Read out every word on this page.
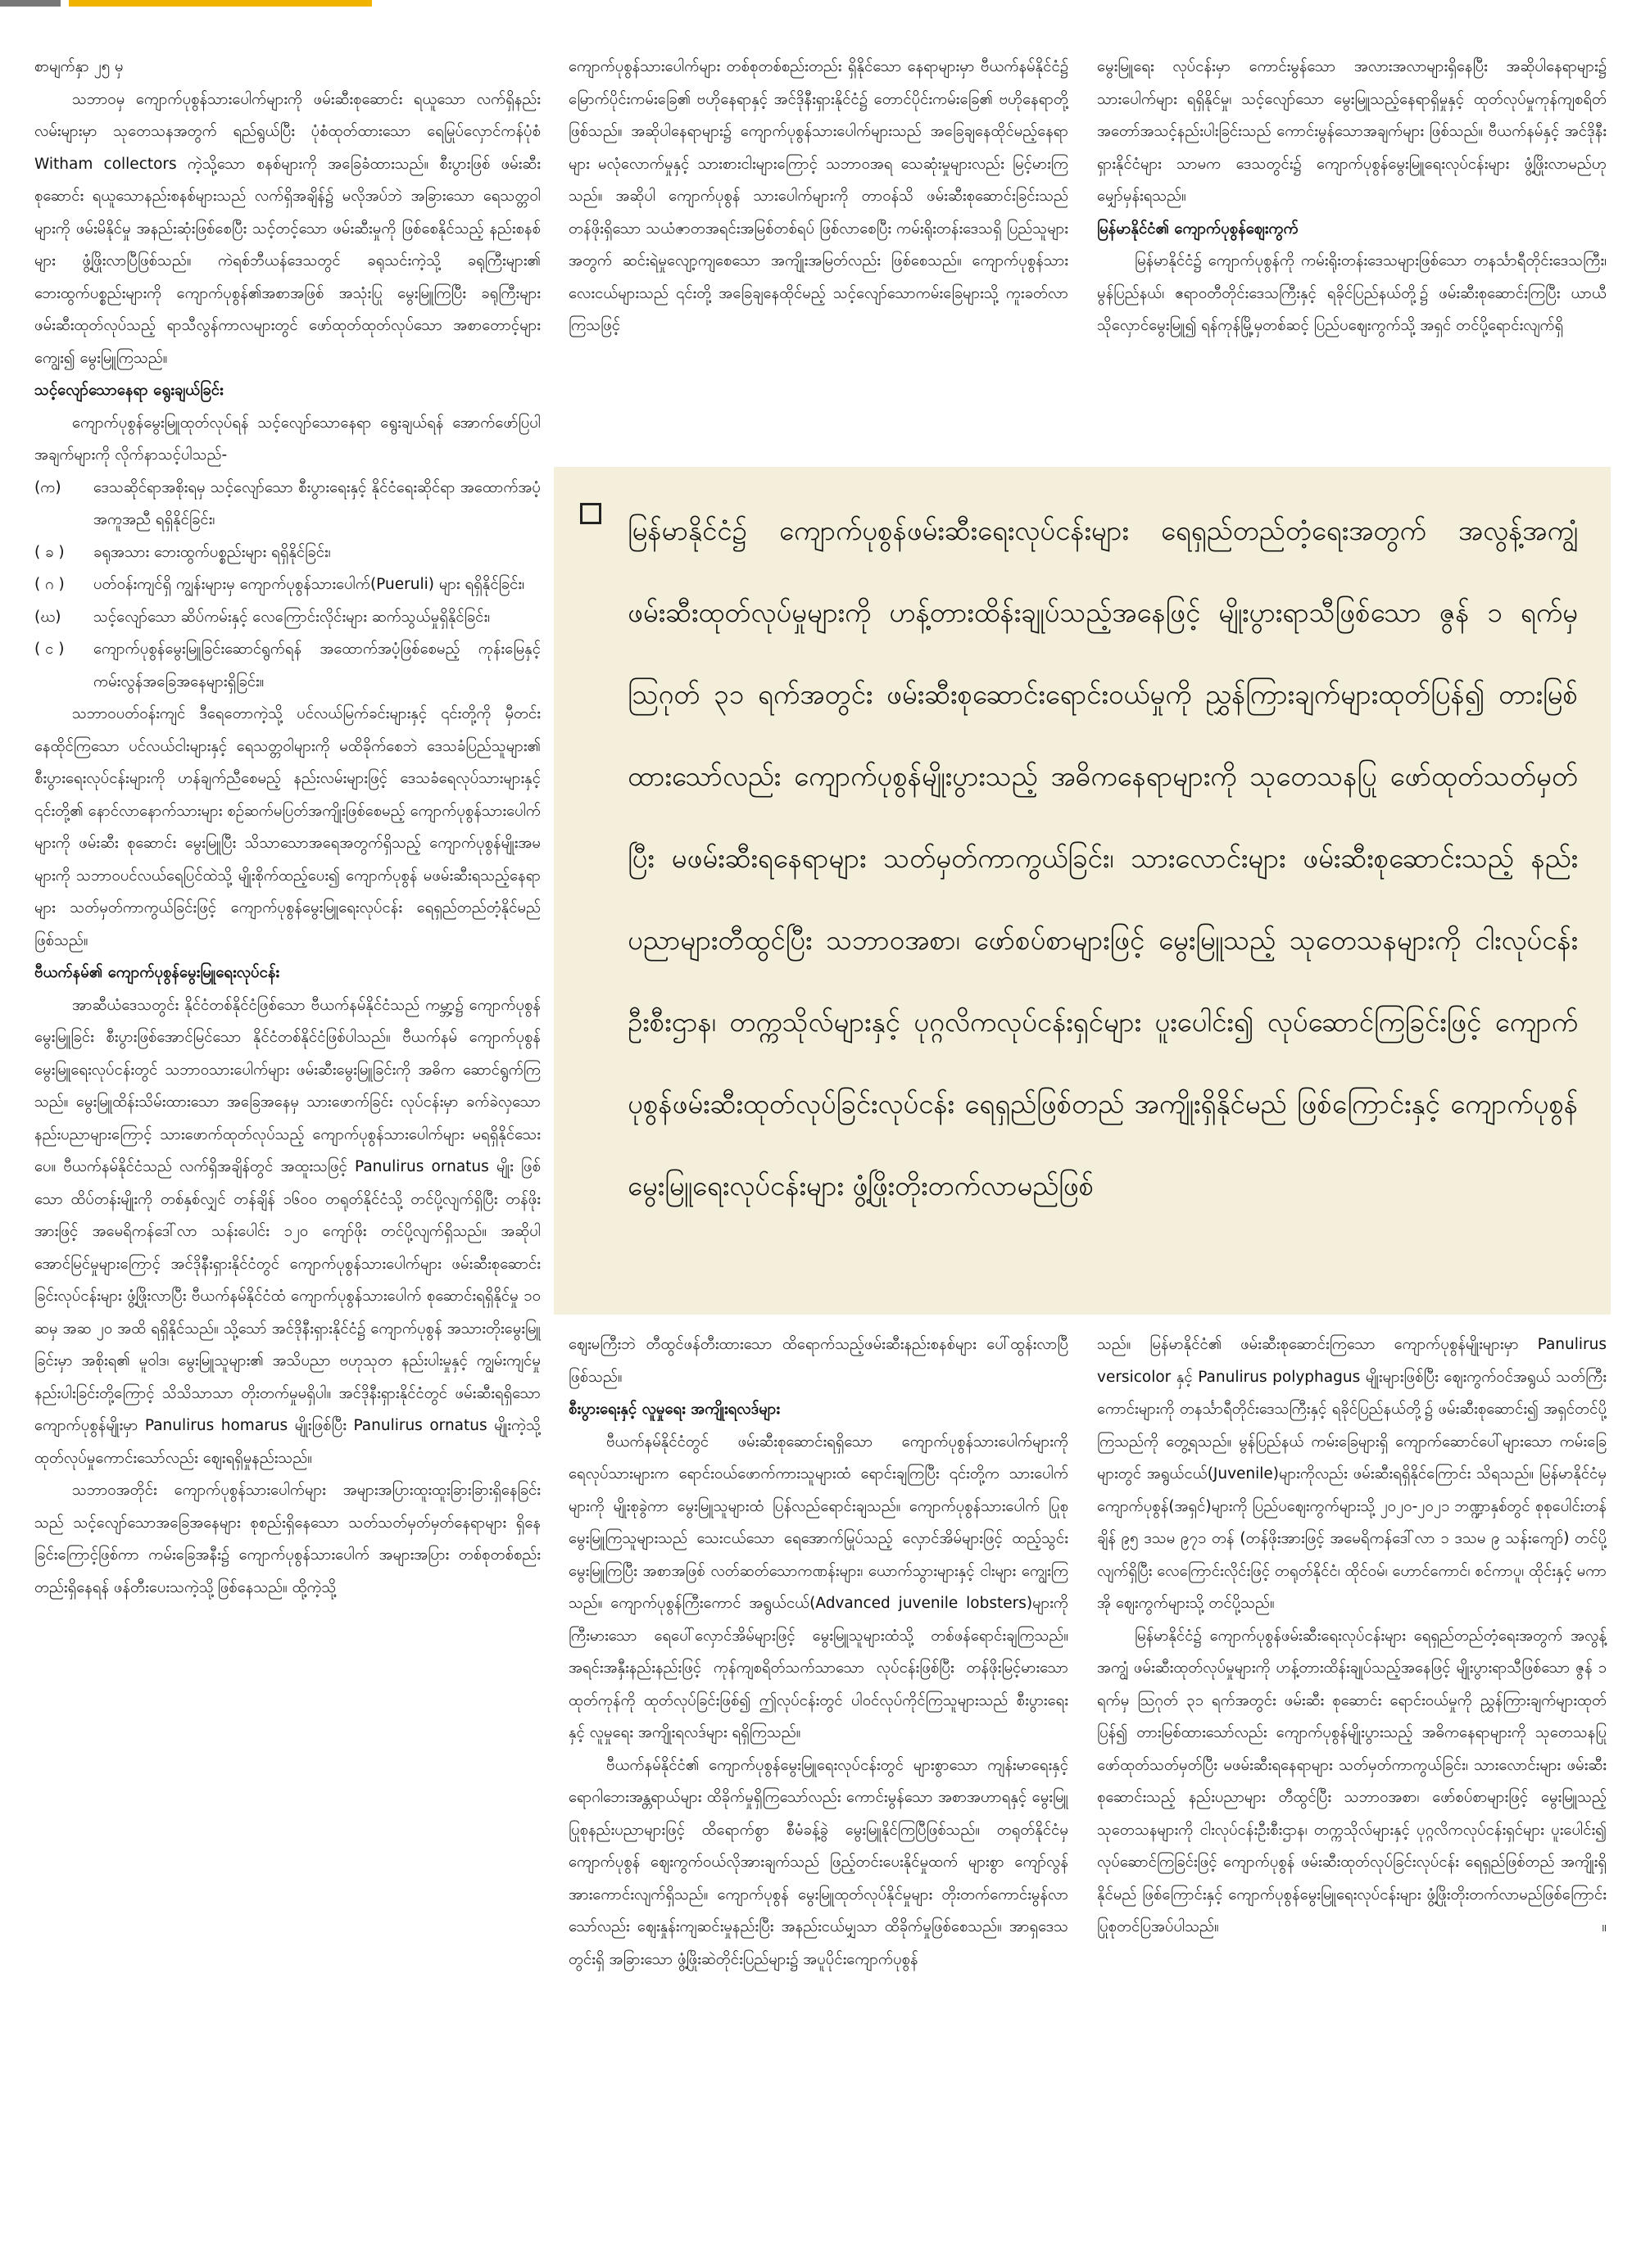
စာမျက်နှာ ၂၅ မှ

သဘာဝမှ ကျောက်ပုစွန်သားပေါက်များကို ဖမ်းဆီးစုဆောင်း ရယူသော လက်ရှိနည်းလမ်းများမှာ သုတေသနအတွက် ရည်ရွယ်ပြီး ပုံစံထုတ်ထားသော ရေမြုပ်လှောင်ကန်ပုံစံ Witham collectors ကဲ့သို့သော စနစ်များကို အခြေခံထားသည်။ စီးပွားဖြစ် ဖမ်းဆီးစုဆောင်း ရယူသောနည်းစနစ်များသည် လက်ရှိအချိန်၌ မလိုအပ်ဘဲ အခြားသော ရေသတ္တဝါများကို ဖမ်းမိနိုင်မှု အနည်းဆုံးဖြစ်စေပြီး သင့်တင့်သော ဖမ်းဆီးမှုကို ဖြစ်စေနိုင်သည့် နည်းစနစ်များ ဖွံ့ဖြိုးလာပြီဖြစ်သည်။ ကဲရစ်ဘီယန်ဒေသတွင် ခရုသင်းကဲ့သို့ ခရုကြီးများ၏ ဘေးထွက်ပစ္စည်းများကို ကျောက်ပုစွန်၏အစာအဖြစ် အသုံးပြု မွေးမြူကြပြီး ခရုကြီးများ ဖမ်းဆီးထုတ်လုပ်သည့် ရာသီလွန်ကာလများတွင် ဖော်ထုတ်ထုတ်လုပ်သော အစာတောင့်များကျွေး၍ မွေးမြူကြသည်။

သင့်လျော်သောနေရာ ရွေးချယ်ခြင်း

ကျောက်ပုစွန်မွေးမြူထုတ်လုပ်ရန် သင့်လျော်သောနေရာ ရွေးချယ်ရန် အောက်ဖော်ပြပါ အချက်များကို လိုက်နာသင့်ပါသည်-

(က)	ဒေသဆိုင်ရာအစိုးရမှ သင့်လျော်သော စီးပွားရေးနှင့် နိုင်ငံရေးဆိုင်ရာ အထောက်အပံ့ အကူအညီ ရရှိနိုင်ခြင်း၊
( ခ )	ခရုအသား ဘေးထွက်ပစ္စည်းများ ရရှိနိုင်ခြင်း၊
( ဂ )	ပတ်ဝန်းကျင်ရှိ ကျွန်းများမှ ကျောက်ပုစွန်သားပေါက်(Pueruli) များ ရရှိနိုင်ခြင်း၊
(ဃ)	သင့်လျော်သော ဆိပ်ကမ်းနှင့် လေကြောင်းလိုင်းများ ဆက်သွယ်မှုရှိနိုင်ခြင်း၊
( င )	ကျောက်ပုစွန်မွေးမြူခြင်းဆောင်ရွက်ရန် အထောက်အပံ့ဖြစ်စေမည့် ကုန်းမြေနှင့် ကမ်းလွန်အခြေအနေများရှိခြင်း။

သဘာဝပတ်ဝန်းကျင် ဒီရေတောကဲ့သို့ ပင်လယ်မြက်ခင်းများနှင့် ၎င်းတို့ကို မှီတင်းနေထိုင်ကြသော ပင်လယ်ငါးများနှင့် ရေသတ္တဝါများကို မထိခိုက်စေဘဲ ဒေသခံပြည်သူများ၏ စီးပွားရေးလုပ်ငန်းများကို ဟန်ချက်ညီစေမည့် နည်းလမ်းများဖြင့် ဒေသခံရေလုပ်သားများနှင့် ၎င်းတို့၏ နောင်လာနောက်သားများ စဉ်ဆက်မပြတ်အကျိုးဖြစ်စေမည့် ကျောက်ပုစွန်သားပေါက်များကို ဖမ်းဆီး စုဆောင်း မွေးမြူပြီး သိသာသောအရေအတွက်ရှိသည့် ကျောက်ပုစွန်မျိုးအမများကို သဘာဝပင်လယ်ရေပြင်ထဲသို့ မျိုးစိုက်ထည့်ပေး၍ ကျောက်ပုစွန် မဖမ်းဆီးရသည့်နေရာများ သတ်မှတ်ကာကွယ်ခြင်းဖြင့် ကျောက်ပုစွန်မွေးမြူရေးလုပ်ငန်း ရေရှည်တည်တံ့နိုင်မည်ဖြစ်သည်။

ဗီယက်နမ်၏ ကျောက်ပုစွန်မွေးမြူရေးလုပ်ငန်း

အာဆီယံဒေသတွင်း နိုင်ငံတစ်နိုင်ငံဖြစ်သော ဗီယက်နမ်နိုင်ငံသည် ကမ္ဘာ့၌ ကျောက်ပုစွန်မွေးမြူခြင်း စီးပွားဖြစ်အောင်မြင်သော နိုင်ငံတစ်နိုင်ငံဖြစ်ပါသည်။ ဗီယက်နမ် ကျောက်ပုစွန်မွေးမြူရေးလုပ်ငန်းတွင် သဘာဝသားပေါက်များ ဖမ်းဆီးမွေးမြူခြင်းကို အဓိက ဆောင်ရွက်ကြသည်။ မွေးမြူထိန်းသိမ်းထားသော အခြေအနေမှ သားဖောက်ခြင်း လုပ်ငန်းမှာ ခက်ခဲလှသော နည်းပညာများကြောင့် သားဖောက်ထုတ်လုပ်သည့် ကျောက်ပုစွန်သားပေါက်များ မရရှိနိုင်သေးပေ။ ဗီယက်နမ်နိုင်ငံသည် လက်ရှိအချိန်တွင် အထူးသဖြင့် Panulirus ornatus မျိုး ဖြစ်သော ထိပ်တန်းမျိုးကို တစ်နှစ်လျှင် တန်ချိန် ၁၆၀၀ တရုတ်နိုင်ငံသို့ တင်ပို့လျက်ရှိပြီး တန်ဖိုးအားဖြင့် အမေရိကန်ဒေါ်လာ သန်းပေါင်း ၁၂၀ ကျော်ဖိုး တင်ပို့လျက်ရှိသည်။ အဆိုပါ အောင်မြင်မှုများကြောင့် အင်ဒိုနီးရှားနိုင်ငံတွင် ကျောက်ပုစွန်သားပေါက်များ ဖမ်းဆီးစုဆောင်းခြင်းလုပ်ငန်းများ ဖွံ့ဖြိုးလာပြီး ဗီယက်နမ်နိုင်ငံထံ ကျောက်ပုစွန်သားပေါက် စုဆောင်းရရှိနိုင်မှု ၁၀ ဆမှ အဆ ၂၀ အထိ ရရှိနိုင်သည်။ သို့သော် အင်ဒိုနီးရှားနိုင်ငံ၌ ကျောက်ပုစွန် အသားတိုးမွေးမြူခြင်းမှာ အစိုးရ၏ မူဝါဒ၊ မွေးမြူသူများ၏ အသိပညာ ဗဟုသုတ နည်းပါးမှုနှင့် ကျွမ်းကျင်မှုနည်းပါးခြင်းတို့ကြောင့် သိသိသာသာ တိုးတက်မှုမရှိပါ။ အင်ဒိုနီးရှားနိုင်ငံတွင် ဖမ်းဆီးရရှိသော ကျောက်ပုစွန်မျိုးမှာ Panulirus homarus မျိုးဖြစ်ပြီး Panulirus ornatus မျိုးကဲ့သို့ ထုတ်လုပ်မှုကောင်းသော်လည်း ဈေးရရှိမှုနည်းသည်။

သဘာဝအတိုင်း ကျောက်ပုစွန်သားပေါက်များ အများအပြားထူးထူးခြားခြားရှိနေခြင်းသည် သင့်လျော်သောအခြေအနေများ စုစည်းရှိနေသော သတ်သတ်မှတ်မှတ်နေရာများ ရှိနေခြင်းကြောင့်ဖြစ်ကာ ကမ်းခြေအနီး၌ ကျောက်ပုစွန်သားပေါက် အများအပြား တစ်စုတစ်စည်းတည်းရှိနေရန် ဖန်တီးပေးသကဲ့သို့ဖြစ်နေသည်။ ထို့ကဲ့သို့

ကျောက်ပုစွန်သားပေါက်များ တစ်စုတစ်စည်းတည်း ရှိနိုင်သော နေရာများမှာ ဗီယက်နမ်နိုင်ငံ၌ မြောက်ပိုင်းကမ်းခြေ၏ ဗဟိုနေရာနှင့် အင်ဒိုနီးရှားနိုင်ငံ၌ တောင်ပိုင်းကမ်းခြေ၏ ဗဟိုနေရာတို့ ဖြစ်သည်။ အဆိုပါနေရာများ၌ ကျောက်ပုစွန်သားပေါက်များသည် အခြေချနေထိုင်မည့်နေရာများ မလုံလောက်မှုနှင့် သားစားငါးများကြောင့် သဘာဝအရ သေဆုံးမှုများလည်း မြင့်မားကြသည်။ အဆိုပါ ကျောက်ပုစွန် သားပေါက်များကို တာဝန်သိ ဖမ်းဆီးစုဆောင်းခြင်းသည် တန်ဖိုးရှိသော သယံဇာတအရင်းအမြစ်တစ်ရပ် ဖြစ်လာစေပြီး ကမ်းရိုးတန်းဒေသရှိ ပြည်သူများအတွက် ဆင်းရဲမှုလျော့ကျစေသော အကျိုးအမြတ်လည်း ဖြစ်စေသည်။ ကျောက်ပုစွန်သားလေးငယ်များသည် ၎င်းတို့ အခြေချနေထိုင်မည့် သင့်လျော်သောကမ်းခြေများသို့ ကူးခတ်လာကြသဖြင့်

မွေးမြူရေး လုပ်ငန်းမှာ ကောင်းမွန်သော အလားအလာများရှိနေပြီး အဆိုပါနေရာများ၌ သားပေါက်များ ရရှိနိုင်မှု၊ သင့်လျော်သော မွေးမြူသည့်နေရာရှိမှုနှင့် ထုတ်လုပ်မှုကုန်ကျစရိတ် အတော်အသင့်နည်းပါးခြင်းသည် ကောင်းမွန်သောအချက်များ ဖြစ်သည်။ ဗီယက်နမ်နှင့် အင်ဒိုနီးရှားနိုင်ငံများ သာမက ဒေသတွင်း၌ ကျောက်ပုစွန်မွေးမြူရေးလုပ်ငန်းများ ဖွံ့ဖြိုးလာမည်ဟု မျှော်မှန်းရသည်။

မြန်မာနိုင်ငံ၏ ကျောက်ပုစွန်ဈေးကွက်

မြန်မာနိုင်ငံ၌ ကျောက်ပုစွန်ကို ကမ်းရိုးတန်းဒေသများဖြစ်သော တနင်္သာရီတိုင်းဒေသကြီး၊ မွန်ပြည်နယ်၊ ဧရာဝတီတိုင်းဒေသကြီးနှင့် ရခိုင်ပြည်နယ်တို့၌ ဖမ်းဆီးစုဆောင်းကြပြီး ယာယီ သိုလှောင်မွေးမြူ၍ ရန်ကုန်မြို့မှတစ်ဆင့် ပြည်ပဈေးကွက်သို့ အရှင် တင်ပို့ရောင်းလျက်ရှိ

မြန်မာနိုင်ငံ၌ ကျောက်ပုစွန်ဖမ်းဆီးရေးလုပ်ငန်းများ ရေရှည်တည်တံ့ရေးအတွက် အလွန့်အကျွံ ဖမ်းဆီးထုတ်လုပ်မှုများကို ဟန့်တားထိန်းချုပ်သည့်အနေဖြင့် မျိုးပွားရာသီဖြစ်သော ဇွန် ၁ ရက်မှ ဩဂုတ် ၃၁ ရက်အတွင်း ဖမ်းဆီးစုဆောင်းရောင်းဝယ်မှုကို ညွှန်ကြားချက်များထုတ်ပြန်၍ တားမြစ်ထားသော်လည်း ကျောက်ပုစွန်မျိုးပွားသည့် အဓိကနေရာများကို သုတေသနပြု ဖော်ထုတ်သတ်မှတ်ပြီး မဖမ်းဆီးရနေရာများ သတ်မှတ်ကာကွယ်ခြင်း၊ သားလောင်းများ ဖမ်းဆီးစုဆောင်းသည့် နည်းပညာများတီထွင်ပြီး သဘာဝအစာ၊ ဖော်စပ်စာများဖြင့် မွေးမြူသည့် သုတေသနများကို ငါးလုပ်ငန်းဦးစီးဌာန၊ တက္ကသိုလ်များနှင့် ပုဂ္ဂလိကလုပ်ငန်းရှင်များ ပူးပေါင်း၍ လုပ်ဆောင်ကြခြင်းဖြင့် ကျောက်ပုစွန်ဖမ်းဆီးထုတ်လုပ်ခြင်းလုပ်ငန်း ရေရှည်ဖြစ်တည် အကျိုးရှိနိုင်မည် ဖြစ်ကြောင်းနှင့် ကျောက်ပုစွန်မွေးမြူရေးလုပ်ငန်းများ ဖွံ့ဖြိုးတိုးတက်လာမည်ဖြစ်

ဈေးမကြီးဘဲ တီထွင်ဖန်တီးထားသော ထိရောက်သည့်ဖမ်းဆီးနည်းစနစ်များ ပေါ်ထွန်းလာပြီဖြစ်သည်။

စီးပွားရေးနှင့် လူမှုရေး အကျိုးရလဒ်များ

ဗီယက်နမ်နိုင်ငံတွင် ဖမ်းဆီးစုဆောင်းရရှိသော ကျောက်ပုစွန်သားပေါက်များကို ရေလုပ်သားများက ရောင်းဝယ်ဖောက်ကားသူများထံ ရောင်းချကြပြီး ၎င်းတို့က သားပေါက်များကို မျိုးစုခွဲကာ မွေးမြူသူများထံ ပြန်လည်ရောင်းချသည်။ ကျောက်ပုစွန်သားပေါက် ပြုစုမွေးမြူကြသူများသည် သေးငယ်သော ရေအောက်မြုပ်သည့် လှောင်အိမ်များဖြင့် ထည့်သွင်းမွေးမြူကြပြီး အစာအဖြစ် လတ်ဆတ်သောကဏန်းများ၊ ယောက်သွားများနှင့် ငါးများ ကျွေးကြသည်။ ကျောက်ပုစွန်ကြီးကောင် အရွယ်ငယ်(Advanced juvenile lobsters)များကို ကြီးမားသော ရေပေါ်လှောင်အိမ်များဖြင့် မွေးမြူသူများထံသို့ တစ်ဖန်ရောင်းချကြသည်။ အရင်းအနှီးနည်းနည်းဖြင့် ကုန်ကျစရိတ်သက်သာသော လုပ်ငန်းဖြစ်ပြီး တန်ဖိုးမြင့်မားသောထုတ်ကုန်ကို ထုတ်လုပ်ခြင်းဖြစ်၍ ဤလုပ်ငန်းတွင် ပါဝင်လုပ်ကိုင်ကြသူများသည် စီးပွားရေးနှင့် လူမှုရေး အကျိုးရလဒ်များ ရရှိကြသည်။

ဗီယက်နမ်နိုင်ငံ၏ ကျောက်ပုစွန်မွေးမြူရေးလုပ်ငန်းတွင် များစွာသော ကျန်းမာရေးနှင့် ရောဂါဘေးအန္တရာယ်များ ထိခိုက်မှုရှိကြသော်လည်း ကောင်းမွန်သော အစာအဟာရနှင့် မွေးမြူပြုစုနည်းပညာများဖြင့် ထိရောက်စွာ စီမံခန့်ခွဲ မွေးမြူနိုင်ကြပြီဖြစ်သည်။ တရုတ်နိုင်ငံမှ ကျောက်ပုစွန် ဈေးကွက်ဝယ်လိုအားချက်သည် ဖြည့်တင်းပေးနိုင်မှုထက် များစွာ ကျော်လွန်အားကောင်းလျက်ရှိသည်။ ကျောက်ပုစွန် မွေးမြူထုတ်လုပ်နိုင်မှုများ တိုးတက်ကောင်းမွန်လာသော်လည်း ဈေးနှုန်းကျဆင်းမှုနည်းပြီး အနည်းငယ်မျှသာ ထိခိုက်မှုဖြစ်စေသည်။ အာရှဒေသတွင်းရှိ အခြားသော ဖွံ့ဖြိုးဆဲတိုင်းပြည်များ၌ အပူပိုင်းကျောက်ပုစွန်

သည်။ မြန်မာနိုင်ငံ၏ ဖမ်းဆီးစုဆောင်းကြသော ကျောက်ပုစွန်မျိုးများမှာ Panulirus versicolor နှင့် Panulirus polyphagus မျိုးများဖြစ်ပြီး ဈေးကွက်ဝင်အရွယ် သတ်ကြီးကောင်းများကို တနင်္သာရီတိုင်းဒေသကြီးနှင့် ရခိုင်ပြည်နယ်တို့၌ ဖမ်းဆီးစုဆောင်း၍ အရှင်တင်ပို့ကြသည်ကို တွေ့ရသည်။ မွန်ပြည်နယ် ကမ်းခြေများရှိ ကျောက်ဆောင်ပေါ်များသော ကမ်းခြေများတွင် အရွယ်ငယ်(Juvenile)များကိုလည်း ဖမ်းဆီးရရှိနိုင်ကြောင်း သိရသည်။ မြန်မာနိုင်ငံမှ ကျောက်ပုစွန်(အရှင်)များကို ပြည်ပဈေးကွက်များသို့ ၂၀၂၀-၂၀၂၁ ဘဏ္ဍာနှစ်တွင် စုစုပေါင်းတန်ချိန် ၉၅ ဒသမ ၉၇၁ တန် (တန်ဖိုးအားဖြင့် အမေရိကန်ဒေါ်လာ ၁ ဒသမ ၉ သန်းကျော်) တင်ပို့လျက်ရှိပြီး လေကြောင်းလိုင်းဖြင့် တရုတ်နိုင်ငံ၊ ထိုင်ဝမ်၊ ဟောင်ကောင်၊ စင်ကာပူ၊ ထိုင်းနှင့် မကာအို ဈေးကွက်များသို့ တင်ပို့သည်။

မြန်မာနိုင်ငံ၌ ကျောက်ပုစွန်ဖမ်းဆီးရေးလုပ်ငန်းများ ရေရှည်တည်တံ့ရေးအတွက် အလွန့်အကျွံ ဖမ်းဆီးထုတ်လုပ်မှုများကို ဟန့်တားထိန်းချုပ်သည့်အနေဖြင့် မျိုးပွားရာသီဖြစ်သော ဇွန် ၁ ရက်မှ ဩဂုတ် ၃၁ ရက်အတွင်း ဖမ်းဆီး စုဆောင်း ရောင်းဝယ်မှုကို ညွှန်ကြားချက်များထုတ်ပြန်၍ တားမြစ်ထားသော်လည်း ကျောက်ပုစွန်မျိုးပွားသည့် အဓိကနေရာများကို သုတေသနပြု ဖော်ထုတ်သတ်မှတ်ပြီး မဖမ်းဆီးရနေရာများ သတ်မှတ်ကာကွယ်ခြင်း၊ သားလောင်းများ ဖမ်းဆီးစုဆောင်းသည့် နည်းပညာများ တီထွင်ပြီး သဘာဝအစာ၊ ဖော်စပ်စာများဖြင့် မွေးမြူသည့် သုတေသနများကို ငါးလုပ်ငန်းဦးစီးဌာန၊ တက္ကသိုလ်များနှင့် ပုဂ္ဂလိကလုပ်ငန်းရှင်များ ပူးပေါင်း၍ လုပ်ဆောင်ကြခြင်းဖြင့် ကျောက်ပုစွန် ဖမ်းဆီးထုတ်လုပ်ခြင်းလုပ်ငန်း ရေရှည်ဖြစ်တည် အကျိုးရှိနိုင်မည် ဖြစ်ကြောင်းနှင့် ကျောက်ပုစွန်မွေးမြူရေးလုပ်ငန်းများ ဖွံ့ဖြိုးတိုးတက်လာမည်ဖြစ်ကြောင်း ပြုစုတင်ပြအပ်ပါသည်။	။
